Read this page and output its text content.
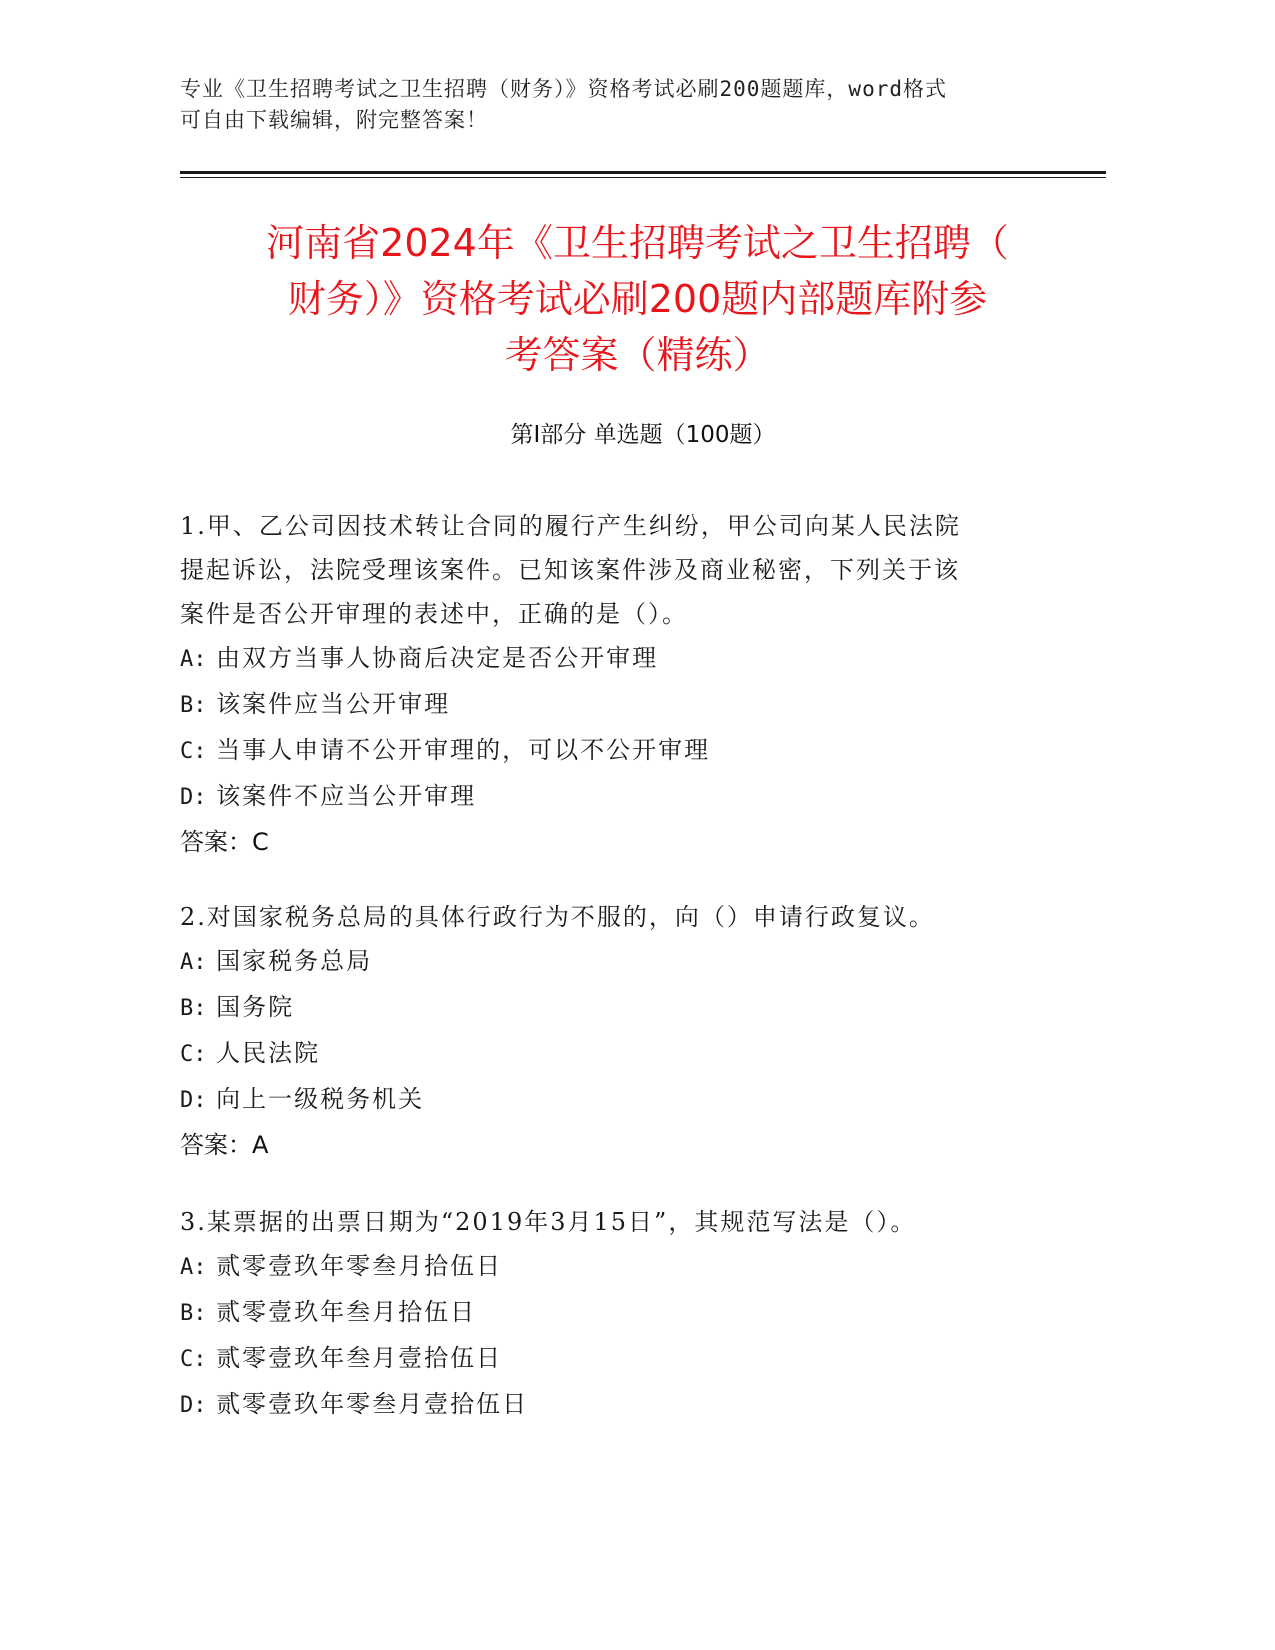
专业《卫生招聘考试之卫生招聘（财务）》资格考试必刷200题题库，word格式
可自由下载编辑，附完整答案！
河南省2024年《卫生招聘考试之卫生招聘（
财务）》资格考试必刷200题内部题库附参
考答案（精练）
第Ⅰ部分 单选题（100题）
1.甲、乙公司因技术转让合同的履行产生纠纷，甲公司向某人民法院
提起诉讼，法院受理该案件。已知该案件涉及商业秘密，下列关于该
案件是否公开审理的表述中，正确的是（）。
A: 由双方当事人协商后决定是否公开审理
B: 该案件应当公开审理
C: 当事人申请不公开审理的，可以不公开审理
D: 该案件不应当公开审理
答案：C
2.对国家税务总局的具体行政行为不服的，向（）申请行政复议。
A: 国家税务总局
B: 国务院
C: 人民法院
D: 向上一级税务机关
答案：A
3.某票据的出票日期为“2019年3月15日”，其规范写法是（）。
A: 贰零壹玖年零叁月拾伍日
B: 贰零壹玖年叁月拾伍日
C: 贰零壹玖年叁月壹拾伍日
D: 贰零壹玖年零叁月壹拾伍日
